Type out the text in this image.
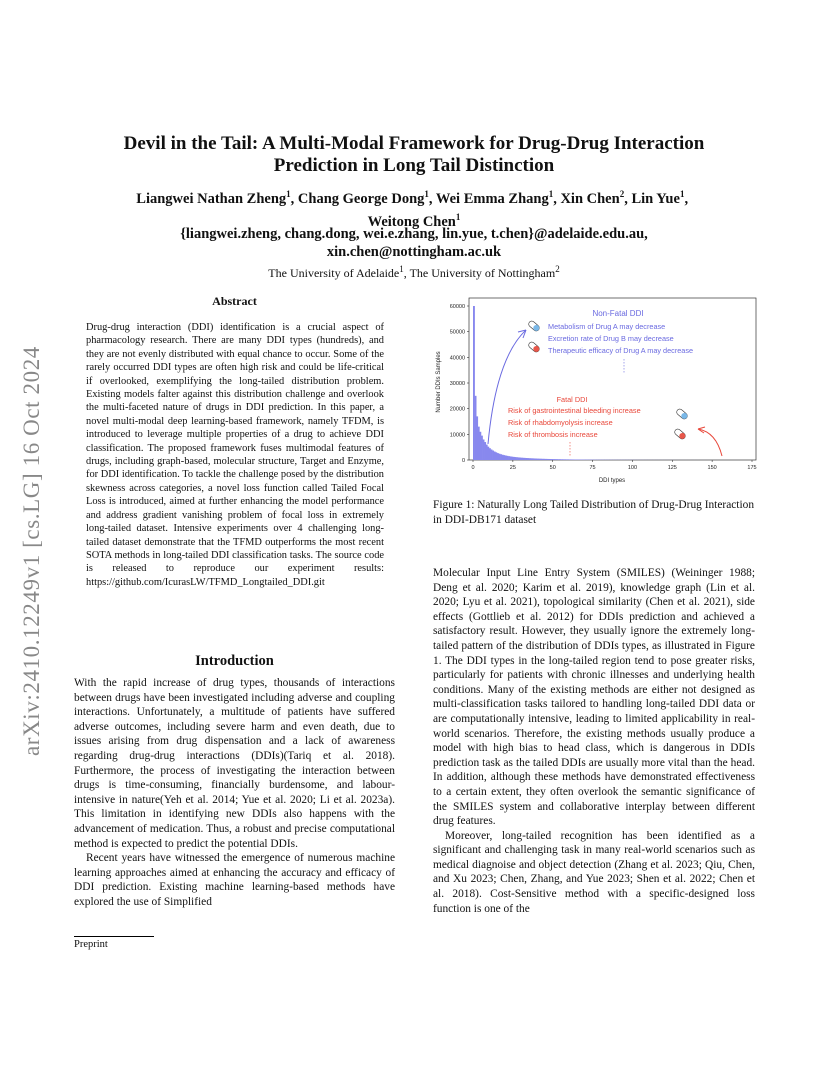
Devil in the Tail: A Multi-Modal Framework for Drug-Drug Interaction Prediction in Long Tail Distinction
Liangwei Nathan Zheng$^1$, Chang George Dong$^1$, Wei Emma Zhang$^1$, Xin Chen$^2$, Lin Yue$^1$,
Weitong Chen$^1$
{liangwei.zheng, chang.dong, wei.e.zhang, lin.yue, t.chen}@adelaide.edu.au,
xin.chen@nottingham.ac.uk
The University of Adelaide$^1$, The University of Nottingham$^2$
arXiv:2410.12249v1 [cs.LG] 16 Oct 2024
Abstract
Drug-drug interaction (DDI) identification is a crucial aspect of pharmacology research. There are many DDI types (hundreds), and they are not evenly distributed with equal chance to occur. Some of the rarely occurred DDI types are often high risk and could be life-critical if overlooked, exemplifying the long-tailed distribution problem. Existing models falter against this distribution challenge and overlook the multi-faceted nature of drugs in DDI prediction. In this paper, a novel multi-modal deep learning-based framework, namely TFDM, is introduced to leverage multiple properties of a drug to achieve DDI classification. The proposed framework fuses multimodal features of drugs, including graph-based, molecular structure, Target and Enzyme, for DDI identification. To tackle the challenge posed by the distribution skewness across categories, a novel loss function called Tailed Focal Loss is introduced, aimed at further enhancing the model performance and address gradient vanishing problem of focal loss in extremely long-tailed dataset. Intensive experiments over 4 challenging long-tailed dataset demonstrate that the TFMD outperforms the most recent SOTA methods in long-tailed DDI classification tasks. The source code is released to reproduce our experiment results: https://github.com/IcurasLW/TFMD_Longtailed_DDI.git
Introduction

With the rapid increase of drug types, thousands of interactions between drugs have been investigated including adverse and coupling interactions. Unfortunately, a multitude of patients have suffered adverse outcomes, including severe harm and even death, due to issues arising from drug dispensation and a lack of awareness regarding drug-drug interactions (DDIs)(Tariq et al. 2018). Furthermore, the process of investigating the interaction between drugs is time-consuming, financially burdensome, and labour-intensive in nature(Yeh et al. 2014; Yue et al. 2020; Li et al. 2023a). This limitation in identifying new DDIs also happens with the advancement of medication. Thus, a robust and precise computational method is expected to predict the potential DDIs.

Recent years have witnessed the emergence of numerous machine learning approaches aimed at enhancing the accuracy and efficacy of DDI prediction. Existing machine learning-based methods have explored the use of Simplified

Molecular Input Line Entry System (SMILES) (Weininger 1988; Deng et al. 2020; Karim et al. 2019), knowledge graph (Lin et al. 2020; Lyu et al. 2021), topological similarity (Chen et al. 2021), side effects (Gottlieb et al. 2012) for DDIs prediction and achieved a satisfactory result. However, they usually ignore the extremely long-tailed pattern of the distribution of DDIs types, as illustrated in Figure 1. The DDI types in the long-tailed region tend to pose greater risks, particularly for patients with chronic illnesses and underlying health conditions. Many of the existing methods are either not designed as multi-classification tasks tailored to handling long-tailed DDI data or are computationally intensive, leading to limited applicability in real-world scenarios. Therefore, the existing methods usually produce a model with high bias to head class, which is dangerous in DDIs prediction task as the tailed DDIs are usually more vital than the head. In addition, although these methods have demonstrated effectiveness to a certain extent, they often overlook the semantic significance of the SMILES system and collaborative interplay between different drug features.

Moreover, long-tailed recognition has been identified as a significant and challenging task in many real-world scenarios such as medical diagnoise and object detection (Zhang et al. 2023; Qiu, Chen, and Xu 2023; Chen, Zhang, and Yue 2023; Shen et al. 2022; Chen et al. 2018). Cost-Sensitive method with a specific-designed loss function is one of the

Preprint
0
10000
20000
30000
40000
50000
60000
0	25	50	75	100	125	150	175
DDI types
Number DDIs Samples
Non-Fatal DDI
Metabolism of Drug A may decrease
Excretion rate of Drug B may decrease
Therapeutic efficacy of Drug A may decrease
Fatal DDI
Risk of gastrointestinal bleeding increase
Risk of rhabdomyolysis increase
Risk of thrombosis increase
Figure 1: Naturally Long Tailed Distribution of Drug-Drug Interaction in DDI-DB171 dataset
